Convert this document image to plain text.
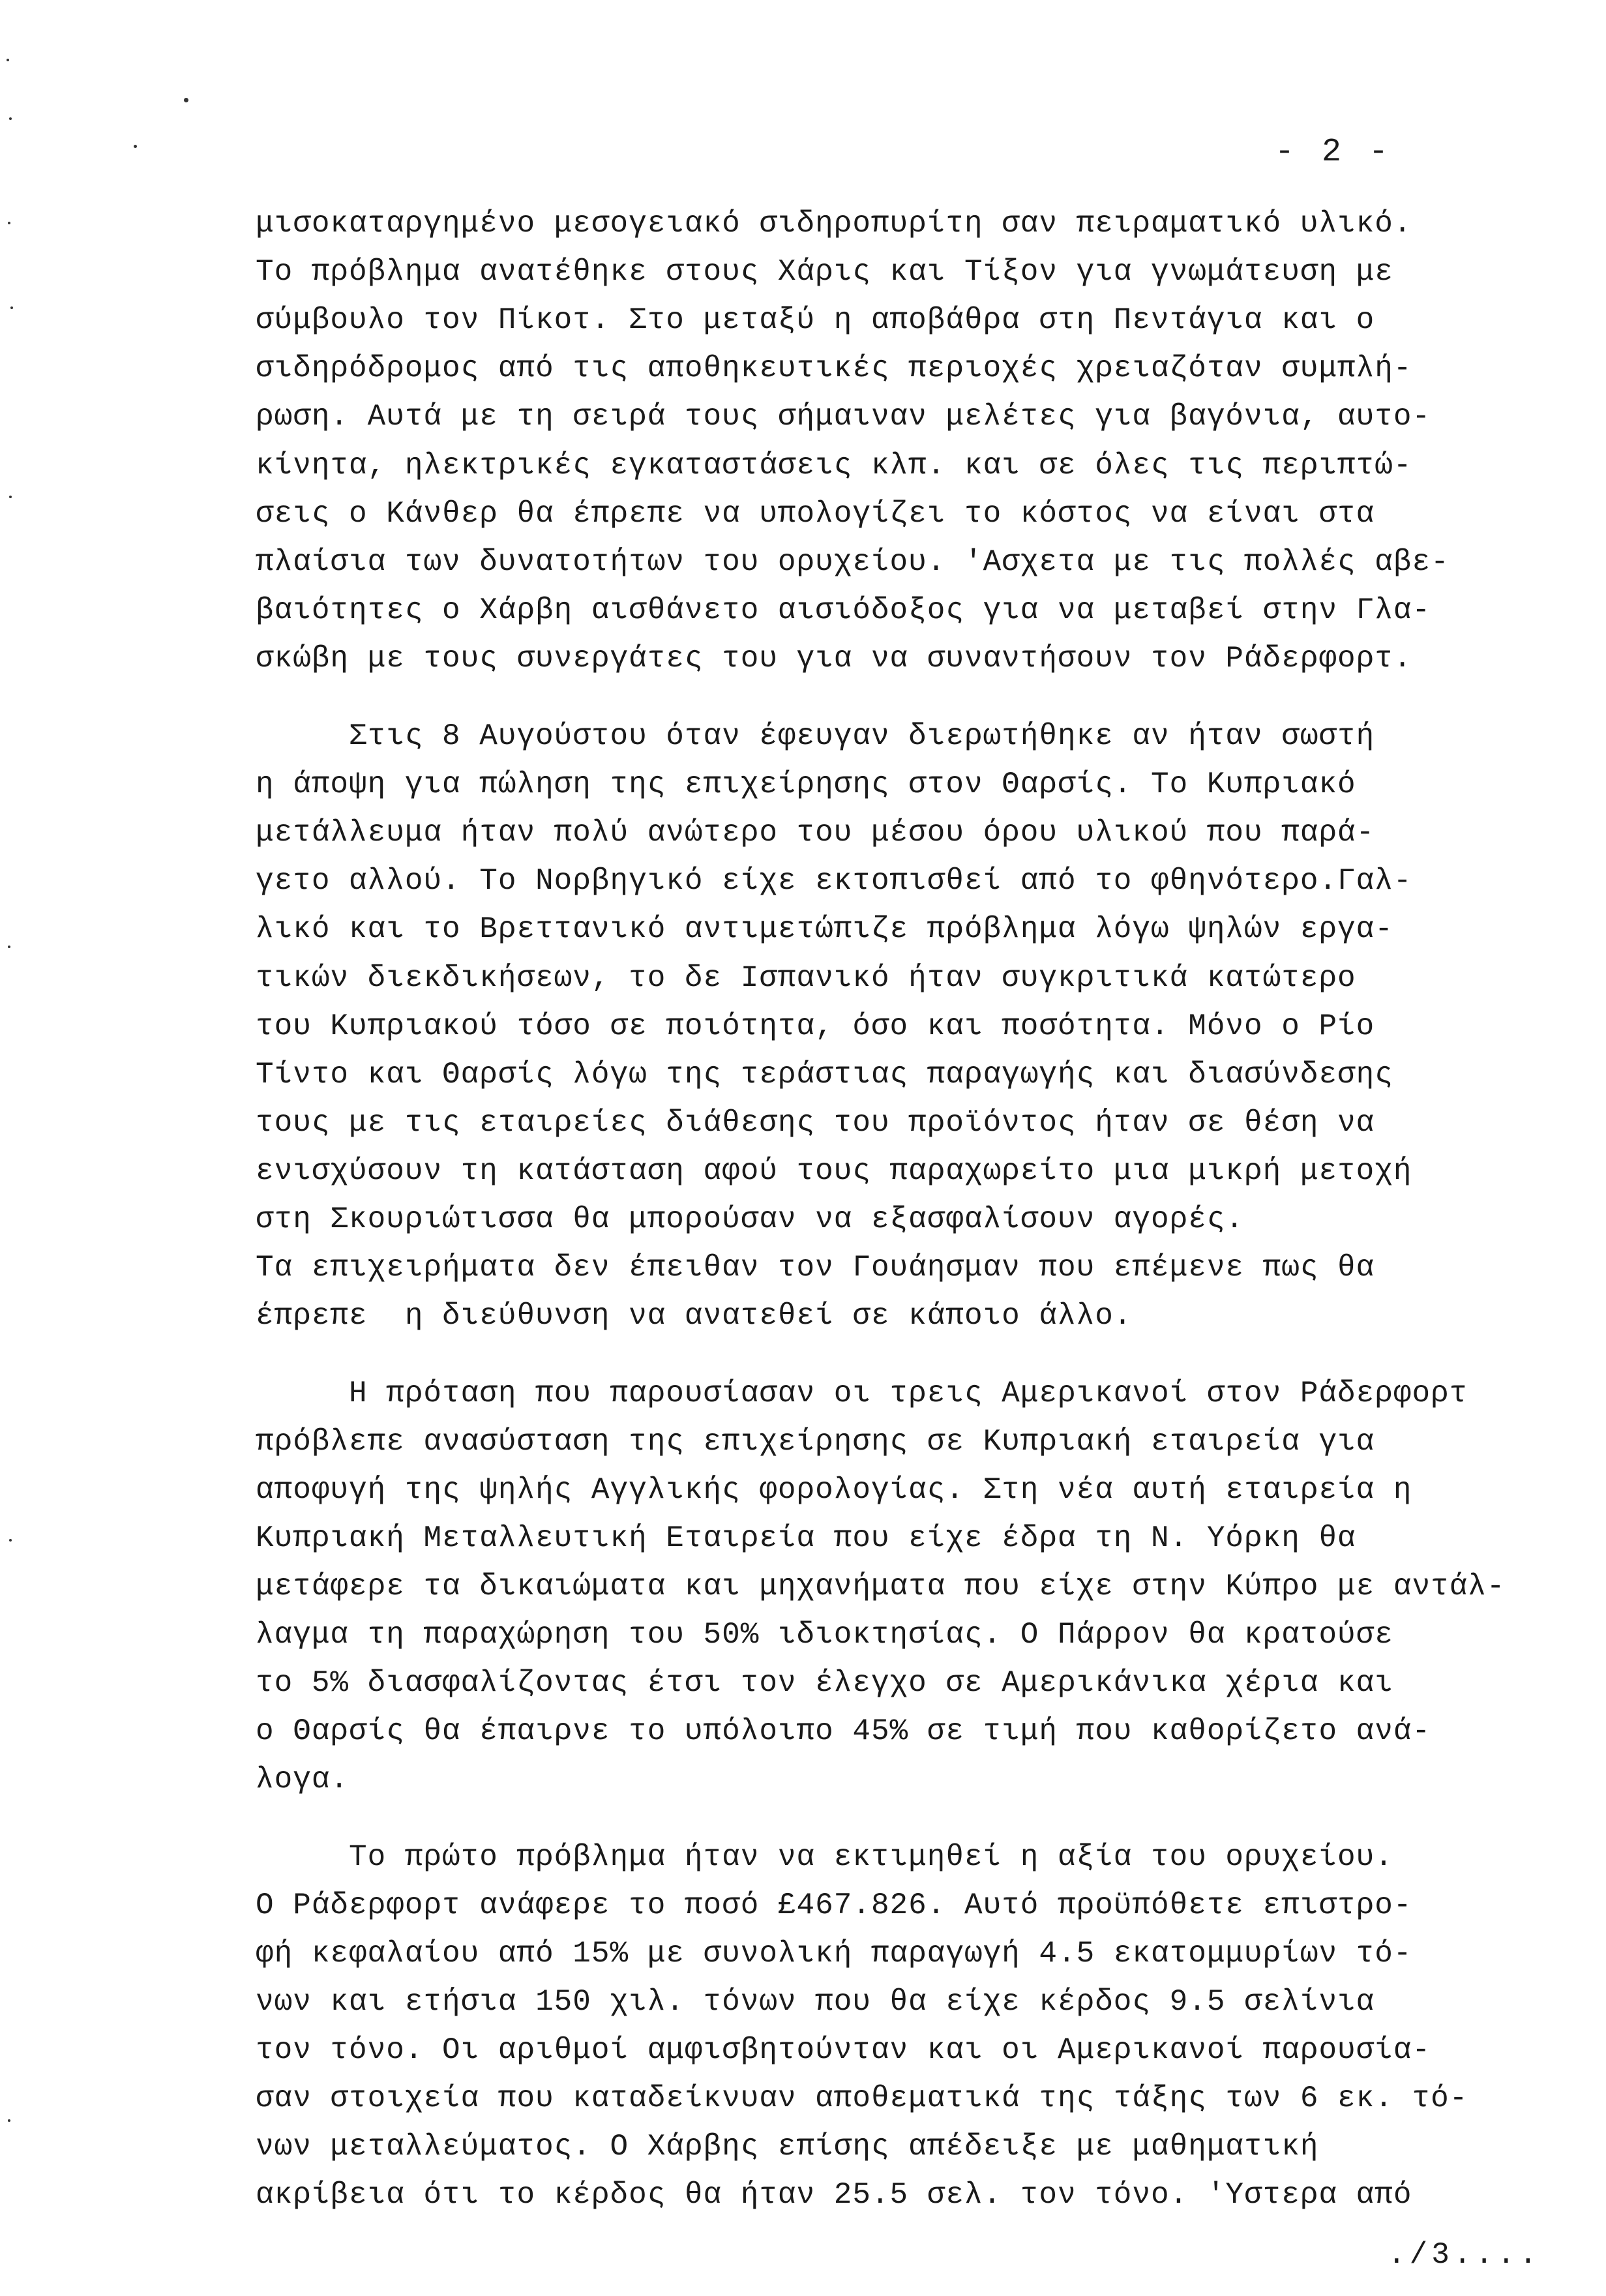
- 2 -
μισοκαταργημένο μεσογειακό σιδηροπυρίτη σαν πειραματικό υλικό.
Το πρόβλημα ανατέθηκε στους Χάρις και Τίξον για γνωμάτευση με
σύμβουλο τον Πίκοτ. Στο μεταξύ η αποβάθρα στη Πεντάγια και ο
σιδηρόδρομος από τις αποθηκευτικές περιοχές χρειαζόταν συμπλή-
ρωση. Αυτά με τη σειρά τους σήμαιναν μελέτες για βαγόνια, αυτο-
κίνητα, ηλεκτρικές εγκαταστάσεις κλπ. και σε όλες τις περιπτώ-
σεις ο Κάνθερ θα έπρεπε να υπολογίζει το κόστος να είναι στα
πλαίσια των δυνατοτήτων του ορυχείου. 'Ασχετα με τις πολλές αβε-
βαιότητες ο Χάρβη αισθάνετο αισιόδοξος για να μεταβεί στην Γλα-
σκώβη με τους συνεργάτες του για να συναντήσουν τον Ράδερφορτ.
Στις 8 Αυγούστου όταν έφευγαν διερωτήθηκε αν ήταν σωστή
η άποψη για πώληση της επιχείρησης στον Θαρσίς. Το Κυπριακό
μετάλλευμα ήταν πολύ ανώτερο του μέσου όρου υλικού που παρά-
γετο αλλού. Το Νορβηγικό είχε εκτοπισθεί από το φθηνότερο.Γαλ-
λικό και το Βρεττανικό αντιμετώπιζε πρόβλημα λόγω ψηλών εργα-
τικών διεκδικήσεων, το δε Ισπανικό ήταν συγκριτικά κατώτερο
του Κυπριακού τόσο σε ποιότητα, όσο και ποσότητα. Μόνο ο Ρίο
Τίντο και Θαρσίς λόγω της τεράστιας παραγωγής και διασύνδεσης
τους με τις εταιρείες διάθεσης του προϊόντος ήταν σε θέση να
ενισχύσουν τη κατάσταση αφού τους παραχωρείτο μια μικρή μετοχή
στη Σκουριώτισσα θα μπορούσαν να εξασφαλίσουν αγορές.
Τα επιχειρήματα δεν έπειθαν τον Γουάησμαν που επέμενε πως θα
έπρεπε  η διεύθυνση να ανατεθεί σε κάποιο άλλο.
Η πρόταση που παρουσίασαν οι τρεις Αμερικανοί στον Ράδερφορτ
πρόβλεπε ανασύσταση της επιχείρησης σε Κυπριακή εταιρεία για
αποφυγή της ψηλής Αγγλικής φορολογίας. Στη νέα αυτή εταιρεία η
Κυπριακή Μεταλλευτική Εταιρεία που είχε έδρα τη Ν. Υόρκη θα
μετάφερε τα δικαιώματα και μηχανήματα που είχε στην Κύπρο με αντάλ-
λαγμα τη παραχώρηση του 50% ιδιοκτησίας. Ο Πάρρον θα κρατούσε
το 5% διασφαλίζοντας έτσι τον έλεγχο σε Αμερικάνικα χέρια και
ο Θαρσίς θα έπαιρνε το υπόλοιπο 45% σε τιμή που καθορίζετο ανά-
λογα.
Το πρώτο πρόβλημα ήταν να εκτιμηθεί η αξία του ορυχείου.
Ο Ράδερφορτ ανάφερε το ποσό £467.826. Αυτό προϋπόθετε επιστρο-
φή κεφαλαίου από 15% με συνολική παραγωγή 4.5 εκατομμυρίων τό-
νων και ετήσια 150 χιλ. τόνων που θα είχε κέρδος 9.5 σελίνια
τον τόνο. Οι αριθμοί αμφισβητούνταν και οι Αμερικανοί παρουσία-
σαν στοιχεία που καταδείκνυαν αποθεματικά της τάξης των 6 εκ. τό-
νων μεταλλεύματος. Ο Χάρβης επίσης απέδειξε με μαθηματική
ακρίβεια ότι το κέρδος θα ήταν 25.5 σελ. τον τόνο. 'Υστερα από
./3....
